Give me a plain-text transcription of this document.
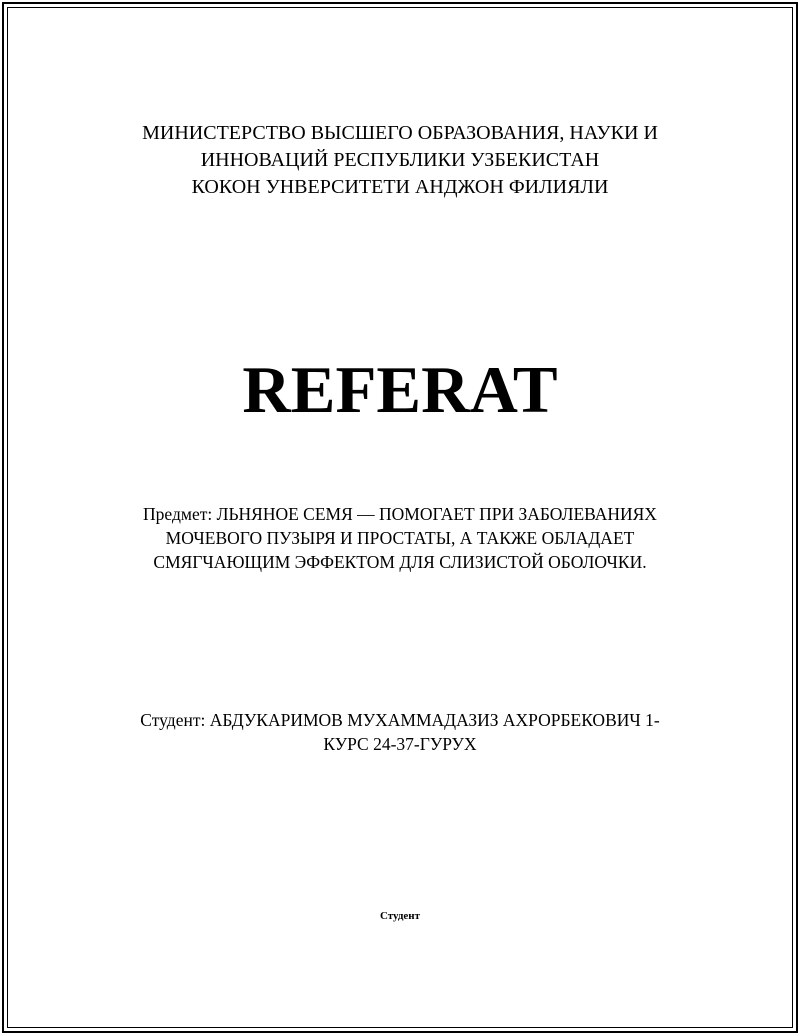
МИНИСТЕРСТВО ВЫСШЕГО ОБРАЗОВАНИЯ, НАУКИ И
ИННОВАЦИЙ РЕСПУБЛИКИ УЗБЕКИСТАН
КОКОН УНВЕРСИТЕТИ АНДЖОН ФИЛИЯЛИ
REFERAT
Предмет: ЛЬНЯНОЕ СЕМЯ — ПОМОГАЕТ ПРИ ЗАБОЛЕВАНИЯХ
МОЧЕВОГО ПУЗЫРЯ И ПРОСТАТЫ, А ТАКЖЕ ОБЛАДАЕТ
СМЯГЧАЮЩИМ ЭФФЕКТОМ ДЛЯ СЛИЗИСТОЙ ОБОЛОЧКИ.
Студент: АБДУКАРИМОВ МУХАММАДАЗИЗ АХРОРБЕКОВИЧ 1-
КУРС 24-37-ГУРУХ
Студент
